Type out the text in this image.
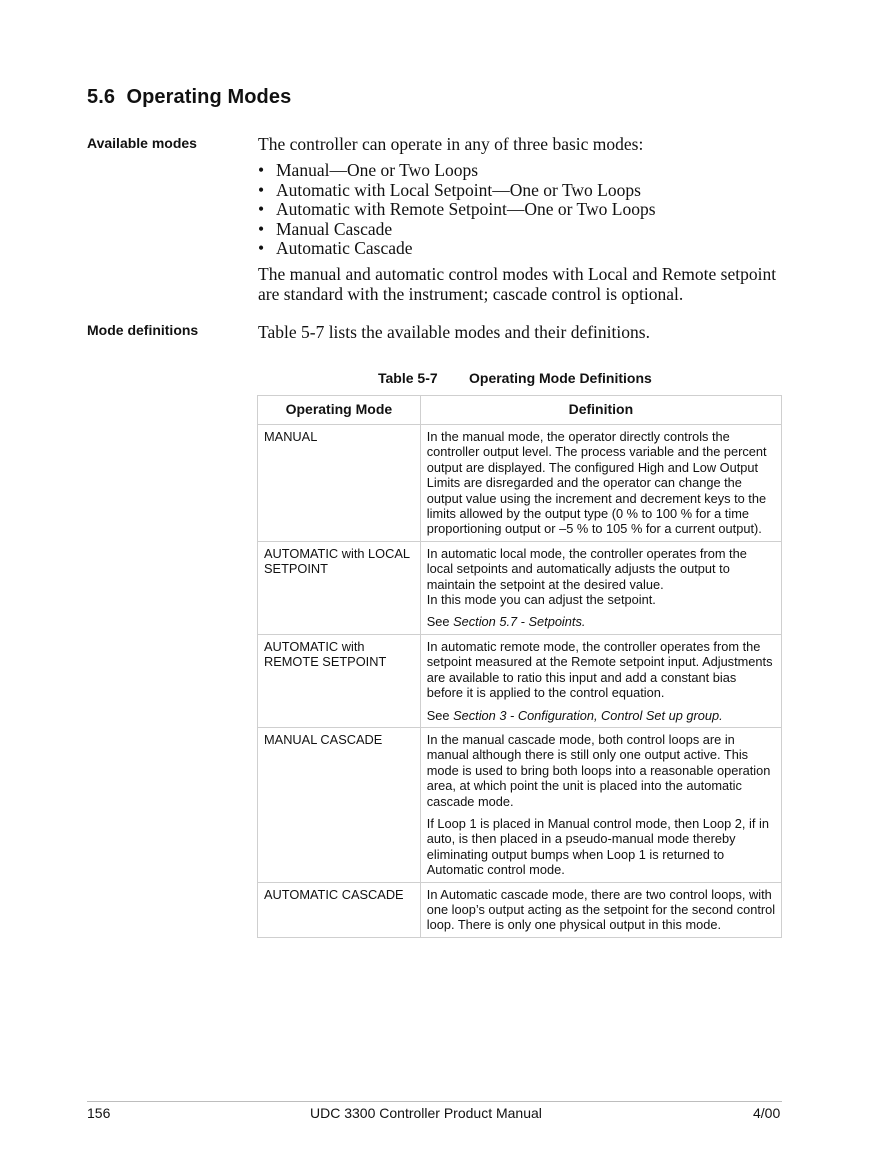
5.6 Operating Modes

Available modes	The controller can operate in any of three basic modes:

• Manual—One or Two Loops
• Automatic with Local Setpoint—One or Two Loops
• Automatic with Remote Setpoint—One or Two Loops
• Manual Cascade
• Automatic Cascade

The manual and automatic control modes with Local and Remote setpoint
are standard with the instrument; cascade control is optional.

Mode definitions	Table 5-7 lists the available modes and their definitions.

Table 5-7 Operating Mode Definitions

Operating Mode	Definition
MANUAL	In the manual mode, the operator directly controls the controller output level. The process variable and the percent output are displayed. The configured High and Low Output Limits are disregarded and the operator can change the output value using the increment and decrement keys to the limits allowed by the output type (0 % to 100 % for a time proportioning output or –5 % to 105 % for a current output).

AUTOMATIC with LOCAL SETPOINT	In automatic local mode, the controller operates from the local setpoints and automatically adjusts the output to maintain the setpoint at the desired value.
In this mode you can adjust the setpoint.

See Section 5.7 - Setpoints.

AUTOMATIC with REMOTE SETPOINT	In automatic remote mode, the controller operates from the setpoint measured at the Remote setpoint input. Adjustments are available to ratio this input and add a constant bias before it is applied to the control equation.

See Section 3 - Configuration, Control Set up group.

MANUAL CASCADE	In the manual cascade mode, both control loops are in manual although there is still only one output active. This mode is used to bring both loops into a reasonable operation area, at which point the unit is placed into the automatic cascade mode.

If Loop 1 is placed in Manual control mode, then Loop 2, if in auto, is then placed in a pseudo-manual mode thereby eliminating output bumps when Loop 1 is returned to Automatic control mode.

AUTOMATIC CASCADE	In Automatic cascade mode, there are two control loops, with one loop’s output acting as the setpoint for the second control loop. There is only one physical output in this mode.

156	UDC 3300 Controller Product Manual	4/00
